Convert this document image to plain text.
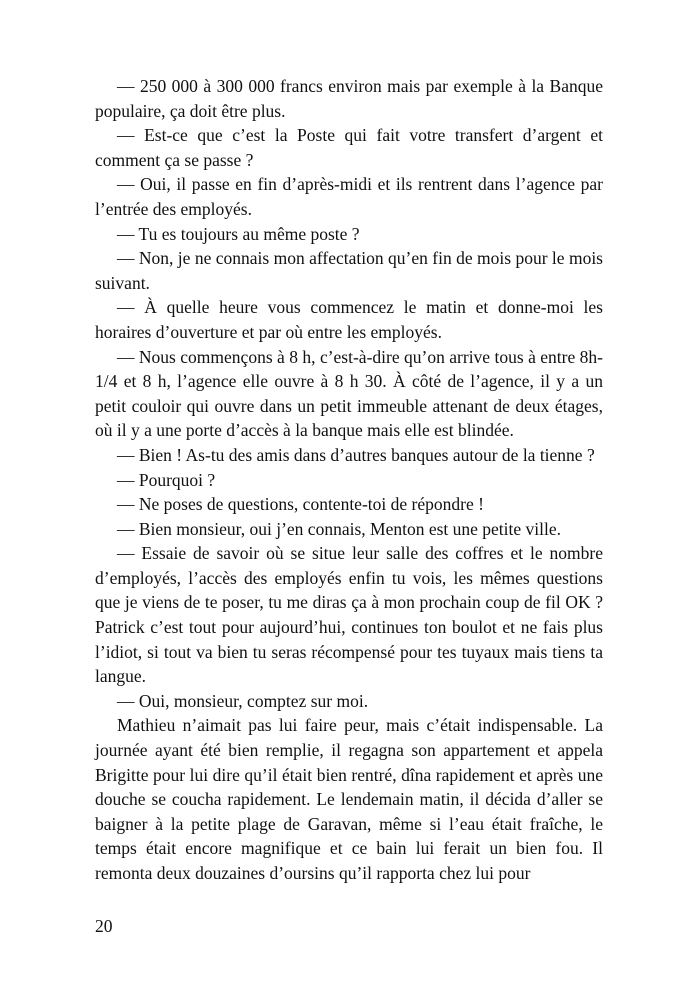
— 250 000 à 300 000 francs environ mais par exemple à la Banque populaire, ça doit être plus.

— Est-ce que c’est la Poste qui fait votre transfert d’argent et comment ça se passe ?

— Oui, il passe en fin d’après-midi et ils rentrent dans l’agence par l’entrée des employés.

— Tu es toujours au même poste ?

— Non, je ne connais mon affectation qu’en fin de mois pour le mois suivant.

— À quelle heure vous commencez le matin et donne-moi les horaires d’ouverture et par où entre les employés.

— Nous commençons à 8 h, c’est-à-dire qu’on arrive tous à entre 8h-1/4 et 8 h, l’agence elle ouvre à 8 h 30. À côté de l’agence, il y a un petit couloir qui ouvre dans un petit immeuble attenant de deux étages, où il y a une porte d’accès à la banque mais elle est blindée.

— Bien ! As-tu des amis dans d’autres banques autour de la tienne ?

— Pourquoi ?

— Ne poses de questions, contente-toi de répondre !

— Bien monsieur, oui j’en connais, Menton est une petite ville.

— Essaie de savoir où se situe leur salle des coffres et le nombre d’employés, l’accès des employés enfin tu vois, les mêmes questions que je viens de te poser, tu me diras ça à mon prochain coup de fil OK ? Patrick c’est tout pour aujourd’hui, continues ton boulot et ne fais plus l’idiot, si tout va bien tu seras récompensé pour tes tuyaux mais tiens ta langue.

— Oui, monsieur, comptez sur moi.

Mathieu n’aimait pas lui faire peur, mais c’était indispensable. La journée ayant été bien remplie, il regagna son appartement et appela Brigitte pour lui dire qu’il était bien rentré, dîna rapidement et après une douche se coucha rapidement. Le lendemain matin, il décida d’aller se baigner à la petite plage de Garavan, même si l’eau était fraîche, le temps était encore magnifique et ce bain lui ferait un bien fou. Il remonta deux douzaines d’oursins qu’il rapporta chez lui pour

20
